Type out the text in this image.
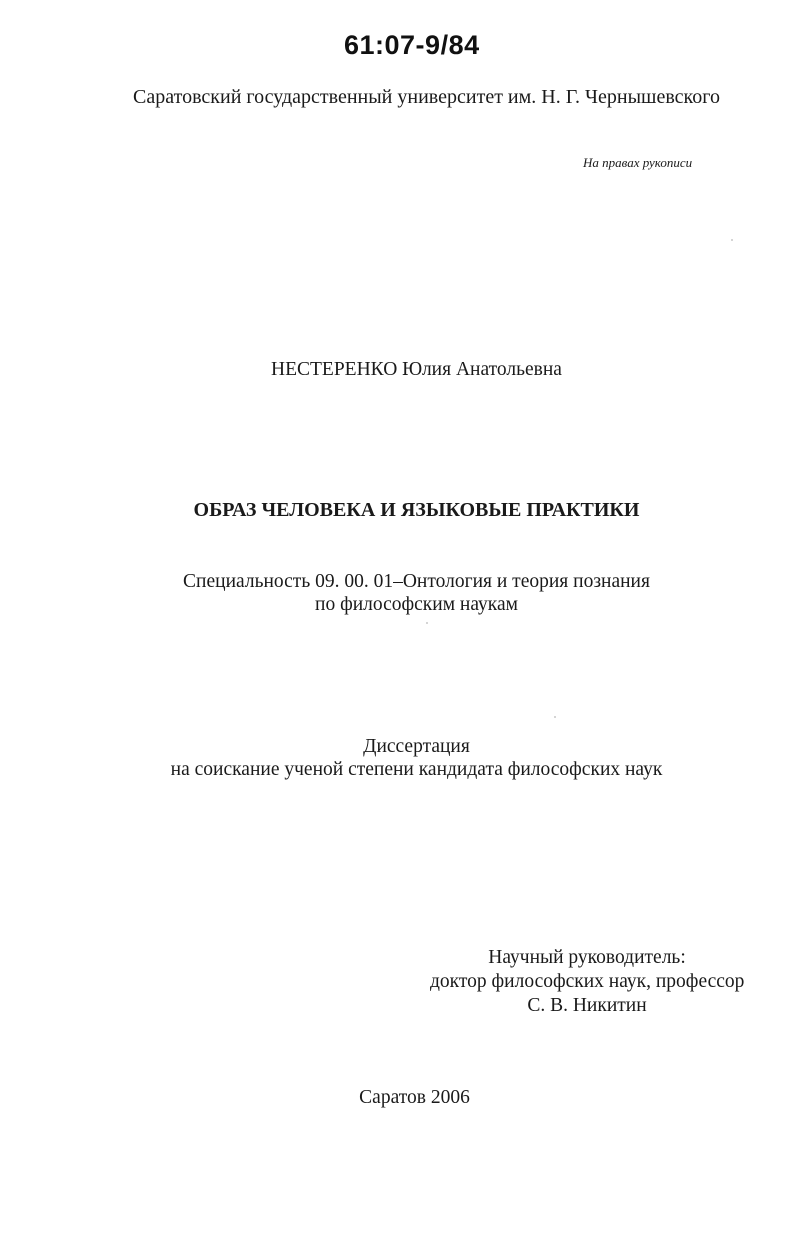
61:07-9/84
Саратовский государственный университет им. Н. Г. Чернышевского
На правах рукописи
НЕСТЕРЕНКО Юлия Анатольевна
ОБРАЗ ЧЕЛОВЕКА И ЯЗЫКОВЫЕ ПРАКТИКИ
Специальность 09. 00. 01–Онтология и теория познания
по философским наукам
Диссертация
на соискание ученой степени кандидата философских наук
Научный руководитель:
доктор философских наук, профессор
С. В. Никитин
Саратов 2006
